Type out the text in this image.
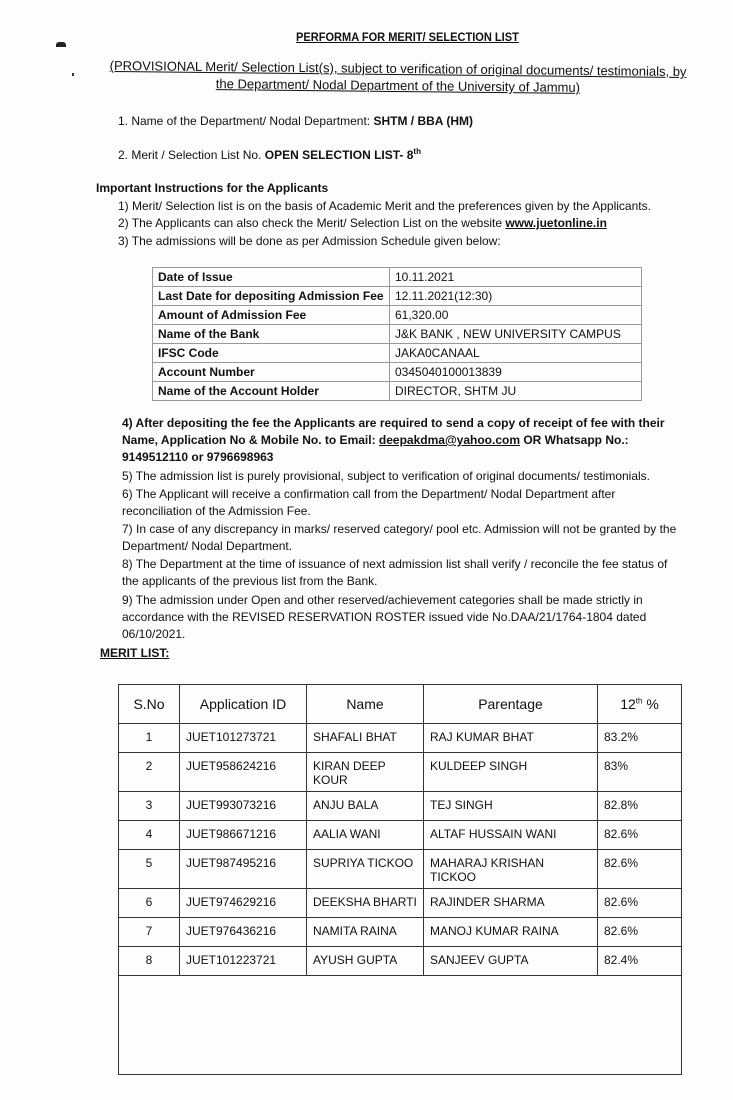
PERFORMA FOR MERIT/ SELECTION LIST
(PROVISIONAL Merit/ Selection List(s), subject to verification of original documents/ testimonials, by the Department/ Nodal Department of the University of Jammu)
1. Name of the Department/ Nodal Department: SHTM / BBA (HM)
2. Merit / Selection List No. OPEN SELECTION LIST- 8th
Important Instructions for the Applicants
1) Merit/ Selection list is on the basis of Academic Merit and the preferences given by the Applicants.
2) The Applicants can also check the Merit/ Selection List on the website www.juetonline.in
3) The admissions will be done as per Admission Schedule given below:
Date of Issue	10.11.2021
Last Date for depositing Admission Fee	12.11.2021(12:30)
Amount of Admission Fee	61,320.00
Name of the Bank	J&K BANK , NEW UNIVERSITY CAMPUS
IFSC Code	JAKA0CANAAL
Account Number	0345040100013839
Name of the Account Holder	DIRECTOR, SHTM JU
4) After depositing the fee the Applicants are required to send a copy of receipt of fee with their Name, Application No & Mobile No. to Email: deepakdma@yahoo.com OR Whatsapp No.: 9149512110 or 9796698963
5) The admission list is purely provisional, subject to verification of original documents/ testimonials.
6) The Applicant will receive a confirmation call from the Department/ Nodal Department after reconciliation of the Admission Fee.
7) In case of any discrepancy in marks/ reserved category/ pool etc. Admission will not be granted by the Department/ Nodal Department.
8) The Department at the time of issuance of next admission list shall verify / reconcile the fee status of the applicants of the previous list from the Bank.
9) The admission under Open and other reserved/achievement categories shall be made strictly in accordance with the REVISED RESERVATION ROSTER issued vide No.DAA/21/1764-1804 dated 06/10/2021.
MERIT LIST:
S.No	Application ID	Name	Parentage	12th %
1	JUET101273721	SHAFALI BHAT	RAJ KUMAR BHAT	83.2%
2	JUET958624216	KIRAN DEEP KOUR	KULDEEP SINGH	83%
3	JUET993073216	ANJU BALA	TEJ SINGH	82.8%
4	JUET986671216	AALIA WANI	ALTAF HUSSAIN WANI	82.6%
5	JUET987495216	SUPRIYA TICKOO	MAHARAJ KRISHAN TICKOO	82.6%
6	JUET974629216	DEEKSHA BHARTI	RAJINDER SHARMA	82.6%
7	JUET976436216	NAMITA RAINA	MANOJ KUMAR RAINA	82.6%
8	JUET101223721	AYUSH GUPTA	SANJEEV GUPTA	82.4%
